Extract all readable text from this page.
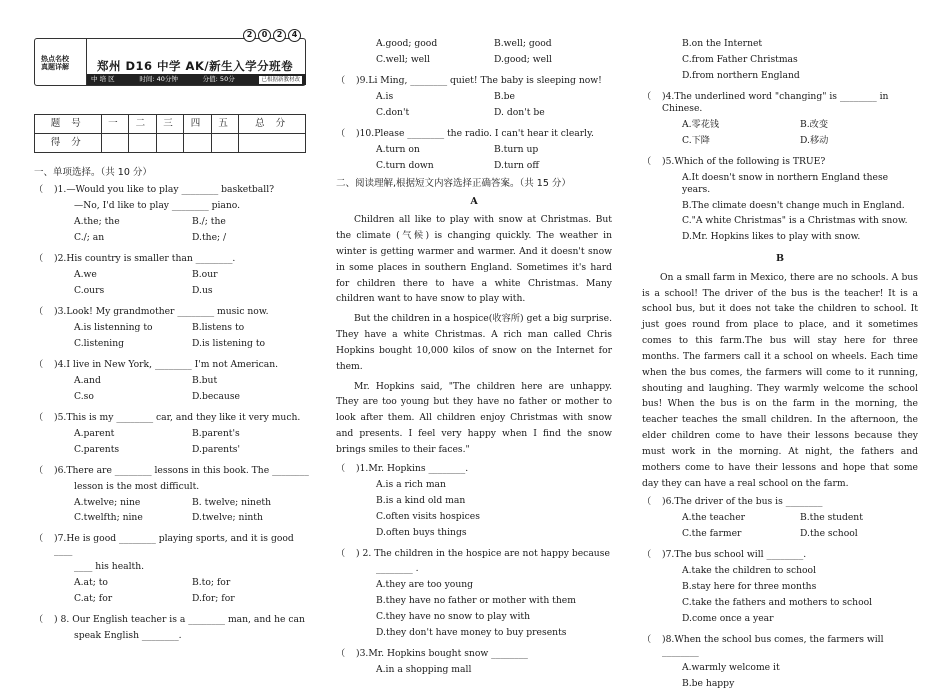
2	0	2	4
热点名校
真题详解 郑州 D16 中学 AK/新生入学分班卷
中 培 区	时间: 40分钟	分值: 50分	已根据新教材改
题 号	一	二	三	四	五	总 分
得 分						
一、单项选择。（共 10 分）
（	)1.—Would you like to play ________ basketball?
—No, I'd like to play ________ piano.
A.the; the	B./; the
C./; an	D.the; /
（	)2.His country is smaller than ________.
A.we	B.our
C.ours	D.us
（	)3.Look! My grandmother ________ music now.
A.is listenning to	B.listens to
C.listening	D.is listening to
（	)4.I live in New York, ________ I'm not American.
A.and	B.but
C.so	D.because
（	)5.This is my ________ car, and they like it very much.
A.parent	B.parent's
C.parents	D.parents'
（	)6.There are ________ lessons in this book. The ________
lesson is the most difficult.
A.twelve; nine	B. twelve; nineth
C.twelfth; nine	D.twelve; ninth
（	)7.He is good ________ playing sports, and it is good ____
____ his health.
A.at; to	B.to; for
C.at; for	D.for; for
（	) 8. Our English teacher is a ________ man, and he can
speak English ________.
A.good; good	B.well; good
C.well; well	D.good; well
（	)9.Li Ming, ________ quiet! The baby is sleeping now!
A.is	B.be
C.don't	D. don't be
（	)10.Please ________ the radio. I can't hear it clearly.
A.turn on	B.turn up
C.turn down	D.turn off
二、阅读理解,根据短文内容选择正确答案。（共 15 分）
A
Children all like to play with snow at Christmas. But the climate (气候) is changing quickly. The weather in winter is getting warmer and warmer. And it doesn't snow in some places in southern England. Sometimes it's hard for children there to have a white Christmas. Many children want to have snow to play with.
But the children in a hospice(收容所) get a big surprise. They have a white Christmas. A rich man called Chris Hopkins bought 10,000 kilos of snow on the Internet for them.
Mr. Hopkins said, "The children here are unhappy. They are too young but they have no father or mother to look after them. All children enjoy Christmas with snow and presents. I feel very happy when I find the snow brings smiles to their faces."
（	)1.Mr. Hopkins ________.
A.is a rich man
B.is a kind old man
C.often visits hospices
D.often buys things
（	) 2. The children in the hospice are not happy because
________ .
A.they are too young
B.they have no father or mother with them
C.they have no snow to play with
D.they don't have money to buy presents
（	)3.Mr. Hopkins bought snow ________
A.in a shopping mall
B.on the Internet
C.from Father Christmas
D.from northern England
（	)4.The underlined word "changing" is ________ in Chinese.
A.零花钱	B.改变
C.下降	D.移动
（	)5.Which of the following is TRUE?
A.It doesn't snow in northern England these years.
B.The climate doesn't change much in England.
C."A white Christmas" is a Christmas with snow.
D.Mr. Hopkins likes to play with snow.
B
On a small farm in Mexico, there are no schools. A bus is a school! The driver of the bus is the teacher! It is a school bus, but it does not take the children to school. It just goes round from place to place, and it sometimes comes to this farm.The bus will stay here for three months. The farmers call it a school on wheels. Each time when the bus comes, the farmers will come to it running, shouting and laughing. They warmly welcome the school bus! When the bus is on the farm in the morning, the teacher teaches the small children. In the afternoon, the elder children come to have their lessons because they must work in the morning. At night, the fathers and mothers come to have their lessons and hope that some day they can have a real school on the farm.
（	)6.The driver of the bus is ________
A.the teacher	B.the student
C.the farmer	D.the school
（	)7.The bus school will ________.
A.take the children to school
B.stay here for three months
C.take the fathers and mothers to school
D.come once a year
（	)8.When the school bus comes, the farmers will ________
A.warmly welcome it
B.be happy
